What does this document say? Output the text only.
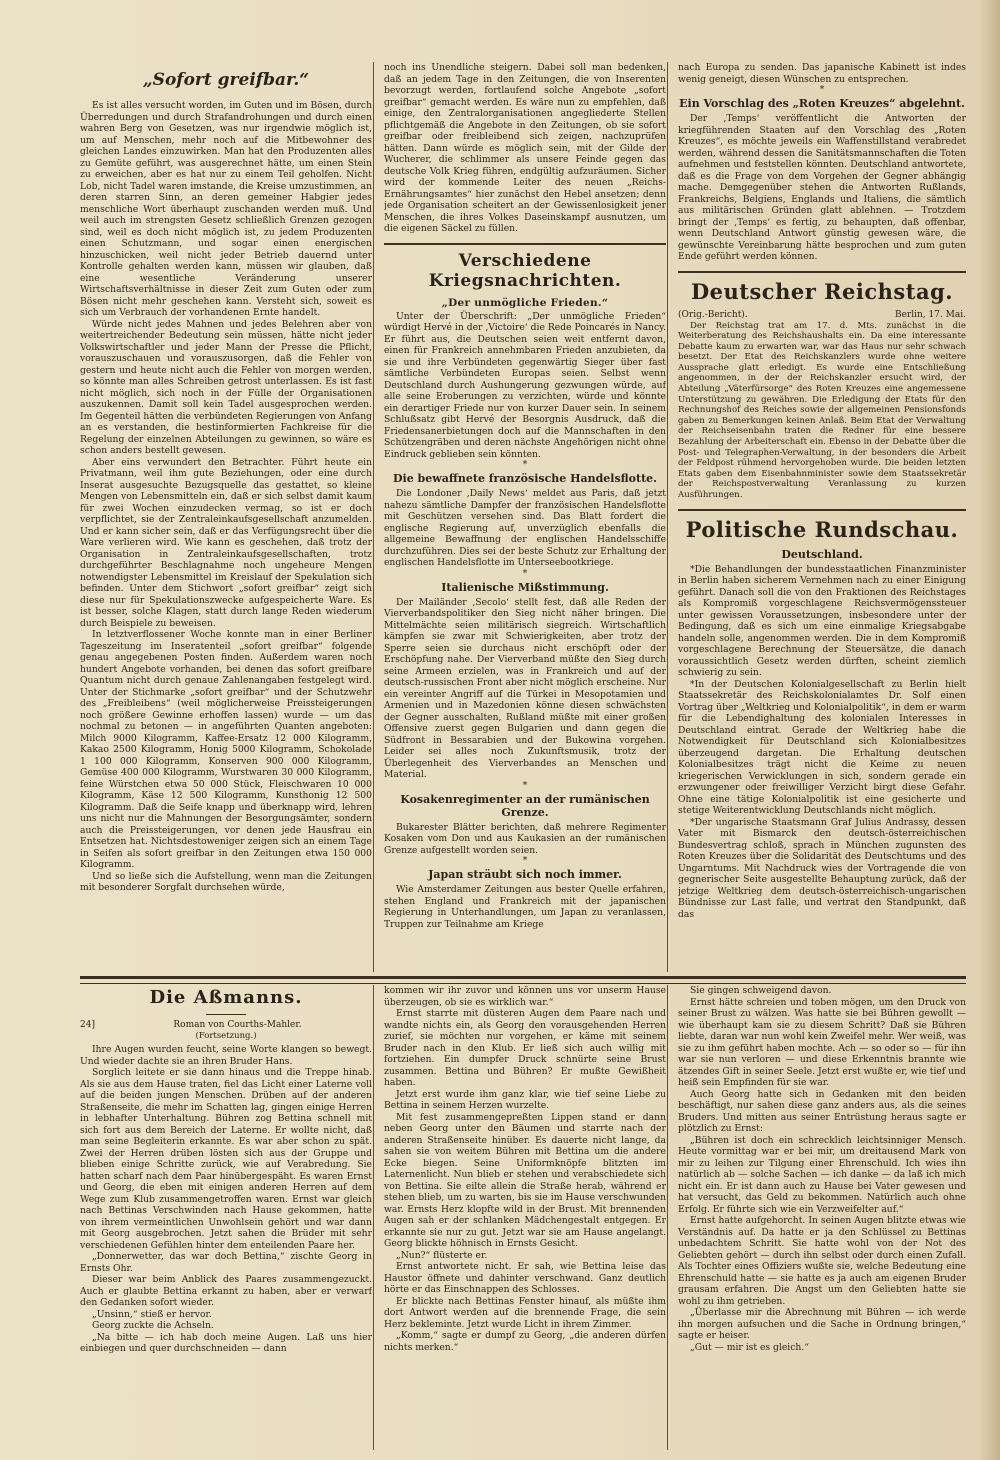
„Sofort greifbar.“

Es ist alles versucht worden, im Guten und im Bösen, durch Überredungen und durch Strafandrohungen und durch einen wahren Berg von Gesetzen, was nur irgendwie möglich ist, um auf Menschen, mehr noch auf die Mitbewohner des gleichen Landes einzuwirken. Man hat den Produzenten alles zu Gemüte geführt, was ausgerechnet hätte, um einen Stein zu erweichen, aber es hat nur zu einem Teil geholfen. Nicht Lob, nicht Tadel waren imstande, die Kreise umzustimmen, an deren starren Sinn, an deren gemeiner Habgier jedes menschliche Wort überhaupt zuschanden werden muß. Und weil auch im strengsten Gesetz schließlich Grenzen gezogen sind, weil es doch nicht möglich ist, zu jedem Produzenten einen Schutzmann, und sogar einen energischen hinzuschicken, weil nicht jeder Betrieb dauernd unter Kontrolle gehalten werden kann, müssen wir glauben, daß eine wesentliche Veränderung unserer Wirtschaftsverhältnisse in dieser Zeit zum Guten oder zum Bösen nicht mehr geschehen kann. Versteht sich, soweit es sich um Verbrauch der vorhandenen Ernte handelt.

Würde nicht jedes Mahnen und jedes Belehren aber von weitertreichender Bedeutung sein müssen, hätte nicht jeder Volkswirtschaftler und jeder Mann der Presse die Pflicht, vorauszuschauen und vorauszusorgen, daß die Fehler von gestern und heute nicht auch die Fehler von morgen werden, so könnte man alles Schreiben getrost unterlassen. Es ist fast nicht möglich, sich noch in der Fülle der Organisationen auszukennen. Damit soll kein Tadel ausgesprochen werden. Im Gegenteil hätten die verbündeten Regierungen von Anfang an es verstanden, die bestinformierten Fachkreise für die Regelung der einzelnen Abteilungen zu gewinnen, so wäre es schon anders bestellt gewesen.

Aber eins verwundert den Betrachter. Führt heute ein Privatmann, weil ihm gute Beziehungen, oder eine durch Inserat ausgesuchte Bezugsquelle das gestattet, so kleine Mengen von Lebensmitteln ein, daß er sich selbst damit kaum für zwei Wochen einzudecken vermag, so ist er doch verpflichtet, sie der Zentraleinkaufsgesellschaft anzumelden. Und er kann sicher sein, daß er das Verfügungsrecht über die Ware verlieren wird. Wie kann es geschehen, daß trotz der Organisation in Zentraleinkaufsgesellschaften, trotz durchgeführter Beschlagnahme noch ungeheure Mengen notwendigster Lebensmittel im Kreislauf der Spekulation sich befinden. Unter dem Stichwort „sofort greifbar“ zeigt sich diese nur für Spekulationszwecke aufgespeicherte Ware. Es ist besser, solche Klagen, statt durch lange Reden wiederum durch Beispiele zu beweisen.

In letztverflossener Woche konnte man in einer Berliner Tageszeitung im Inseratenteil „sofort greifbar“ folgende genau angegebenen Posten finden. Außerdem waren noch hundert Angebote vorhanden, bei denen das sofort greifbare Quantum nicht durch genaue Zahlenangaben festgelegt wird. Unter der Stichmarke „sofort greifbar“ und der Schutzwehr des „Freibleibens“ (weil möglicherweise Preissteigerungen noch größere Gewinne erhoffen lassen) wurde — um das nochmal zu betonen — in angeführten Quanten angeboten: Milch 9000 Kilogramm, Kaffee-Ersatz 12 000 Kilogramm, Kakao 2500 Kilogramm, Honig 5000 Kilogramm, Schokolade 1 100 000 Kilogramm, Konserven 900 000 Kilogramm, Gemüse 400 000 Kilogramm, Wurstwaren 30 000 Kilogramm, feine Würstchen etwa 50 000 Stück, Fleischwaren 10 000 Kilogramm, Käse 12 500 Kilogramm, Kunsthonig 12 500 Kilogramm. Daß die Seife knapp und überknapp wird, lehren uns nicht nur die Mahnungen der Besorgungsämter, sondern auch die Preissteigerungen, vor denen jede Hausfrau ein Entsetzen hat. Nichtsdestoweniger zeigen sich an einem Tage in Seifen als sofort greifbar in den Zeitungen etwa 150 000 Kilogramm.

Und so ließe sich die Aufstellung, wenn man die Zeitungen mit besonderer Sorgfalt durchsehen würde,

noch ins Unendliche steigern. Dabei soll man bedenken, daß an jedem Tage in den Zeitungen, die von Inserenten bevorzugt werden, fortlaufend solche Angebote „sofort greifbar“ gemacht werden. Es wäre nun zu empfehlen, daß einige, den Zentralorganisationen angegliederte Stellen pflichtgemäß die Angebote in den Zeitungen, ob sie sofort greifbar oder freibleibend sich zeigen, nachzuprüfen hätten. Dann würde es möglich sein, mit der Gilde der Wucherer, die schlimmer als unsere Feinde gegen das deutsche Volk Krieg führen, endgültig aufzuräumen. Sicher wird der kommende Leiter des neuen „Reichs-Ernährungsamtes“ hier zunächst den Hebel ansetzen; denn jede Organisation scheitert an der Gewissenlosigkeit jener Menschen, die ihres Volkes Daseinskampf ausnutzen, um die eigenen Säckel zu füllen.

Verschiedene Kriegsnachrichten.
„Der unmögliche Frieden.“

Unter der Überschrift: „Der unmögliche Frieden“ würdigt Hervé in der ‚Victoire‘ die Rede Poincarés in Nancy. Er führt aus, die Deutschen seien weit entfernt davon, einen für Frankreich annehmbaren Frieden anzubieten, da sie und ihre Verbündeten gegenwärtig Sieger über fast sämtliche Verbündeten Europas seien. Selbst wenn Deutschland durch Aushungerung gezwungen würde, auf alle seine Eroberungen zu verzichten, würde und könnte ein derartiger Friede nur von kurzer Dauer sein. In seinem Schlußsatz gibt Hervé der Besorgnis Ausdruck, daß die Friedensanerbietungen doch auf die Mannschaften in den Schützengräben und deren nächste Angehörigen nicht ohne Eindruck geblieben sein könnten.

*
Die bewaffnete französische Handelsflotte.

Die Londoner ‚Daily News‘ meldet aus Paris, daß jetzt nahezu sämtliche Dampfer der französischen Handelsflotte mit Geschützen versehen sind. Das Blatt fordert die englische Regierung auf, unverzüglich ebenfalls die allgemeine Bewaffnung der englischen Handelsschiffe durchzuführen. Dies sei der beste Schutz zur Erhaltung der englischen Handelsflotte im Unterseebootkriege.

*
Italienische Mißstimmung.

Der Mailänder ‚Secolo‘ stellt fest, daß alle Reden der Vierverbandspolitiker den Sieg nicht näher bringen. Die Mittelmächte seien militärisch siegreich. Wirtschaftlich kämpfen sie zwar mit Schwierigkeiten, aber trotz der Sperre seien sie durchaus nicht erschöpft oder der Erschöpfung nahe. Der Vierverband müßte den Sieg durch seine Armeen erzielen, was in Frankreich und auf der deutsch-russischen Front aber nicht möglich erscheine. Nur ein vereinter Angriff auf die Türkei in Mesopotamien und Armenien und in Mazedonien könne diesen schwächsten der Gegner ausschalten, Rußland müßte mit einer großen Offensive zuerst gegen Bulgarien und dann gegen die Südfront in Bessarabien und der Bukowina vorgehen. Leider sei alles noch Zukunftsmusik, trotz der Überlegenheit des Vierverbandes an Menschen und Material.

*
Kosakenregimenter an der rumänischen Grenze.

Bukarester Blätter berichten, daß mehrere Regimenter Kosaken vom Don und aus Kaukasien an der rumänischen Grenze aufgestellt worden seien.

*
Japan sträubt sich noch immer.

Wie Amsterdamer Zeitungen aus bester Quelle erfahren, stehen England und Frankreich mit der japanischen Regierung in Unterhandlungen, um Japan zu veranlassen, Truppen zur Teilnahme am Kriege

nach Europa zu senden. Das japanische Kabinett ist indes wenig geneigt, diesen Wünschen zu entsprechen.

*
Ein Vorschlag des „Roten Kreuzes“ abgelehnt.

Der ‚Temps‘ veröffentlicht die Antworten der kriegführenden Staaten auf den Vorschlag des „Roten Kreuzes“, es möchte jeweils ein Waffenstillstand verabredet werden, während dessen die Sanitätsmannschaften die Toten aufnehmen und feststellen könnten. Deutschland antwortete, daß es die Frage von dem Vorgehen der Gegner abhängig mache. Demgegenüber stehen die Antworten Rußlands, Frankreichs, Belgiens, Englands und Italiens, die sämtlich aus militärischen Gründen glatt ablehnen. — Trotzdem bringt der ‚Temps‘ es fertig, zu behaupten, daß offenbar, wenn Deutschland Antwort günstig gewesen wäre, die gewünschte Vereinbarung hätte besprochen und zum guten Ende geführt werden können.

Deutscher Reichstag.
(Orig.-Bericht).	Berlin, 17. Mai.

Der Reichstag trat am 17. d. Mts. zunächst in die Weiterberatung des Reichshaushalts ein. Da eine interessante Debatte kaum zu erwarten war, war das Haus nur sehr schwach besetzt. Der Etat des Reichskanzlers wurde ohne weitere Aussprache glatt erledigt. Es wurde eine Entschließung angenommen, in der der Reichskanzler ersucht wird, der Abteilung „Väterfürsorge“ des Roten Kreuzes eine angemessene Unterstützung zu gewähren. Die Erledigung der Etats für den Rechnungshof des Reiches sowie der allgemeinen Pensionsfonds gaben zu Bemerkungen keinen Anlaß. Beim Etat der Verwaltung der Reichseisenbahn traten die Redner für eine bessere Bezahlung der Arbeiterschaft ein. Ebenso in der Debatte über die Post- und Telegraphen-Verwaltung, in der besonders die Arbeit der Feldpost rühmend hervorgehoben wurde. Die beiden letzten Etats gaben dem Eisenbahnminister sowie dem Staatssekretär der Reichspostverwaltung Veranlassung zu kurzen Ausführungen.

Politische Rundschau.
Deutschland.

*Die Behandlungen der bundesstaatlichen Finanzminister in Berlin haben sicherem Vernehmen nach zu einer Einigung geführt. Danach soll die von den Fraktionen des Reichstages als Kompromiß vorgeschlagene Reichsvermögenssteuer unter gewissen Voraussetzungen, insbesondere unter der Bedingung, daß es sich um eine einmalige Kriegsabgabe handeln solle, angenommen werden. Die in dem Kompromiß vorgeschlagene Berechnung der Steuersätze, die danach voraussichtlich Gesetz werden dürften, scheint ziemlich schwierig zu sein.

*In der Deutschen Kolonialgesellschaft zu Berlin hielt Staatssekretär des Reichskolonialamtes Dr. Solf einen Vortrag über „Weltkrieg und Kolonialpolitik“, in dem er warm für die Lebendighaltung des kolonialen Interesses in Deutschland eintrat. Gerade der Weltkrieg habe die Notwendigkeit für Deutschland sich Kolonialbesitzes überzeugend dargetan. Die Erhaltung deutschen Kolonialbesitzes trägt nicht die Keime zu neuen kriegerischen Verwicklungen in sich, sondern gerade ein erzwungener oder freiwilliger Verzicht birgt diese Gefahr. Ohne eine tätige Kolonialpolitik ist eine gesicherte und stetige Weiterentwicklung Deutschlands nicht möglich.

*Der ungarische Staatsmann Graf Julius Andrassy, dessen Vater mit Bismarck den deutsch-österreichischen Bundesvertrag schloß, sprach in München zugunsten des Roten Kreuzes über die Solidarität des Deutschtums und des Ungarntums. Mit Nachdruck wies der Vortragende die von gegnerischer Seite ausgestellte Behauptung zurück, daß der jetzige Weltkrieg dem deutsch-österreichisch-ungarischen Bündnisse zur Last falle, und vertrat den Standpunkt, daß das

Die Aßmanns.
24]	Roman von Courths-Mahler.
(Fortsetzung.)

Ihre Augen wurden feucht, seine Worte klangen so bewegt. Und wieder dachte sie an ihren Bruder Hans.

Sorglich leitete er sie dann hinaus und die Treppe hinab. Als sie aus dem Hause traten, fiel das Licht einer Laterne voll auf die beiden jungen Menschen. Drüben auf der anderen Straßenseite, die mehr im Schatten lag, gingen einige Herren in lebhafter Unterhaltung. Bühren zog Bettina schnell mit sich fort aus dem Bereich der Laterne. Er wollte nicht, daß man seine Begleiterin erkannte. Es war aber schon zu spät. Zwei der Herren drüben lösten sich aus der Gruppe und blieben einige Schritte zurück, wie auf Verabredung. Sie hatten scharf nach dem Paar hinübergespäht. Es waren Ernst und Georg, die eben mit einigen anderen Herren auf dem Wege zum Klub zusammengetroffen waren. Ernst war gleich nach Bettinas Verschwinden nach Hause gekommen, hatte von ihrem vermeintlichen Unwohlsein gehört und war dann mit Georg ausgebrochen. Jetzt sahen die Brüder mit sehr verschiedenen Gefühlen hinter dem enteilenden Paare her.

„Donnerwetter, das war doch Bettina,“ zischte Georg in Ernsts Ohr.

Dieser war beim Anblick des Paares zusammengezuckt. Auch er glaubte Bettina erkannt zu haben, aber er verwarf den Gedanken sofort wieder.

„Unsinn,“ stieß er hervor.

Georg zuckte die Achseln.

„Na bitte — ich hab doch meine Augen. Laß uns hier einbiegen und quer durchschneiden — dann

kommen wir ihr zuvor und können uns vor unserm Hause überzeugen, ob sie es wirklich war.“

Ernst starrte mit düsteren Augen dem Paare nach und wandte nichts ein, als Georg den vorausgehenden Herren zurief, sie möchten nur vorgehen, er käme mit seinem Bruder nach in den Klub. Er ließ sich auch willig mit fortziehen. Ein dumpfer Druck schnürte seine Brust zusammen. Bettina und Bühren? Er mußte Gewißheit haben.

Jetzt erst wurde ihm ganz klar, wie tief seine Liebe zu Bettina in seinem Herzen wurzelte.

Mit fest zusammengepreßten Lippen stand er dann neben Georg unter den Bäumen und starrte nach der anderen Straßenseite hinüber. Es dauerte nicht lange, da sahen sie von weitem Bühren mit Bettina um die andere Ecke biegen. Seine Uniformknöpfe blitzten im Laternenlicht. Nun blieb er stehen und verabschiedete sich von Bettina. Sie eilte allein die Straße herab, während er stehen blieb, um zu warten, bis sie im Hause verschwunden war. Ernsts Herz klopfte wild in der Brust. Mit brennenden Augen sah er der schlanken Mädchengestalt entgegen. Er erkannte sie nur zu gut. Jetzt war sie am Hause angelangt. Georg blickte höhnisch in Ernsts Gesicht.

„Nun?“ flüsterte er.

Ernst antwortete nicht. Er sah, wie Bettina leise das Haustor öffnete und dahinter verschwand. Ganz deutlich hörte er das Einschnappen des Schlosses.

Er blickte nach Bettinas Fenster hinauf, als müßte ihm dort Antwort werden auf die brennende Frage, die sein Herz bekleminte. Jetzt wurde Licht in ihrem Zimmer.

„Komm,“ sagte er dumpf zu Georg, „die anderen dürfen nichts merken.“

Sie gingen schweigend davon.

Ernst hätte schreien und toben mögen, um den Druck von seiner Brust zu wälzen. Was hatte sie bei Bühren gewollt — wie überhaupt kam sie zu diesem Schritt? Daß sie Bühren liebte, daran war nun wohl kein Zweifel mehr. Wer weiß, was sie zu ihm geführt haben mochte. Ach — so oder so — für ihn war sie nun verloren — und diese Erkenntnis brannte wie ätzendes Gift in seiner Seele. Jetzt erst wußte er, wie tief und heiß sein Empfinden für sie war.

Auch Georg hatte sich in Gedanken mit den beiden beschäftigt, nur sahen diese ganz anders aus, als die seines Bruders. Und mitten aus seiner Entrüstung heraus sagte er plötzlich zu Ernst:

„Bühren ist doch ein schrecklich leichtsinniger Mensch. Heute vormittag war er bei mir, um dreitausend Mark von mir zu leihen zur Tilgung einer Ehrenschuld. Ich wies ihn natürlich ab — solche Sachen — ich danke — da laß ich mich nicht ein. Er ist dann auch zu Hause bei Vater gewesen und hat versucht, das Geld zu bekommen. Natürlich auch ohne Erfolg. Er führte sich wie ein Verzweifelter auf.“

Ernst hatte aufgehorcht. In seinen Augen blitzte etwas wie Verständnis auf. Da hatte er ja den Schlüssel zu Bettinas unbedachtem Schritt. Sie hatte wohl von der Not des Geliebten gehört — durch ihn selbst oder durch einen Zufall. Als Tochter eines Offiziers wußte sie, welche Bedeutung eine Ehrenschuld hatte — sie hatte es ja auch am eigenen Bruder grausam erfahren. Die Angst um den Geliebten hatte sie wohl zu ihm getrieben.

„Überlasse mir die Abrechnung mit Bühren — ich werde ihn morgen aufsuchen und die Sache in Ordnung bringen,“ sagte er heiser.

„Gut — mir ist es gleich.“
